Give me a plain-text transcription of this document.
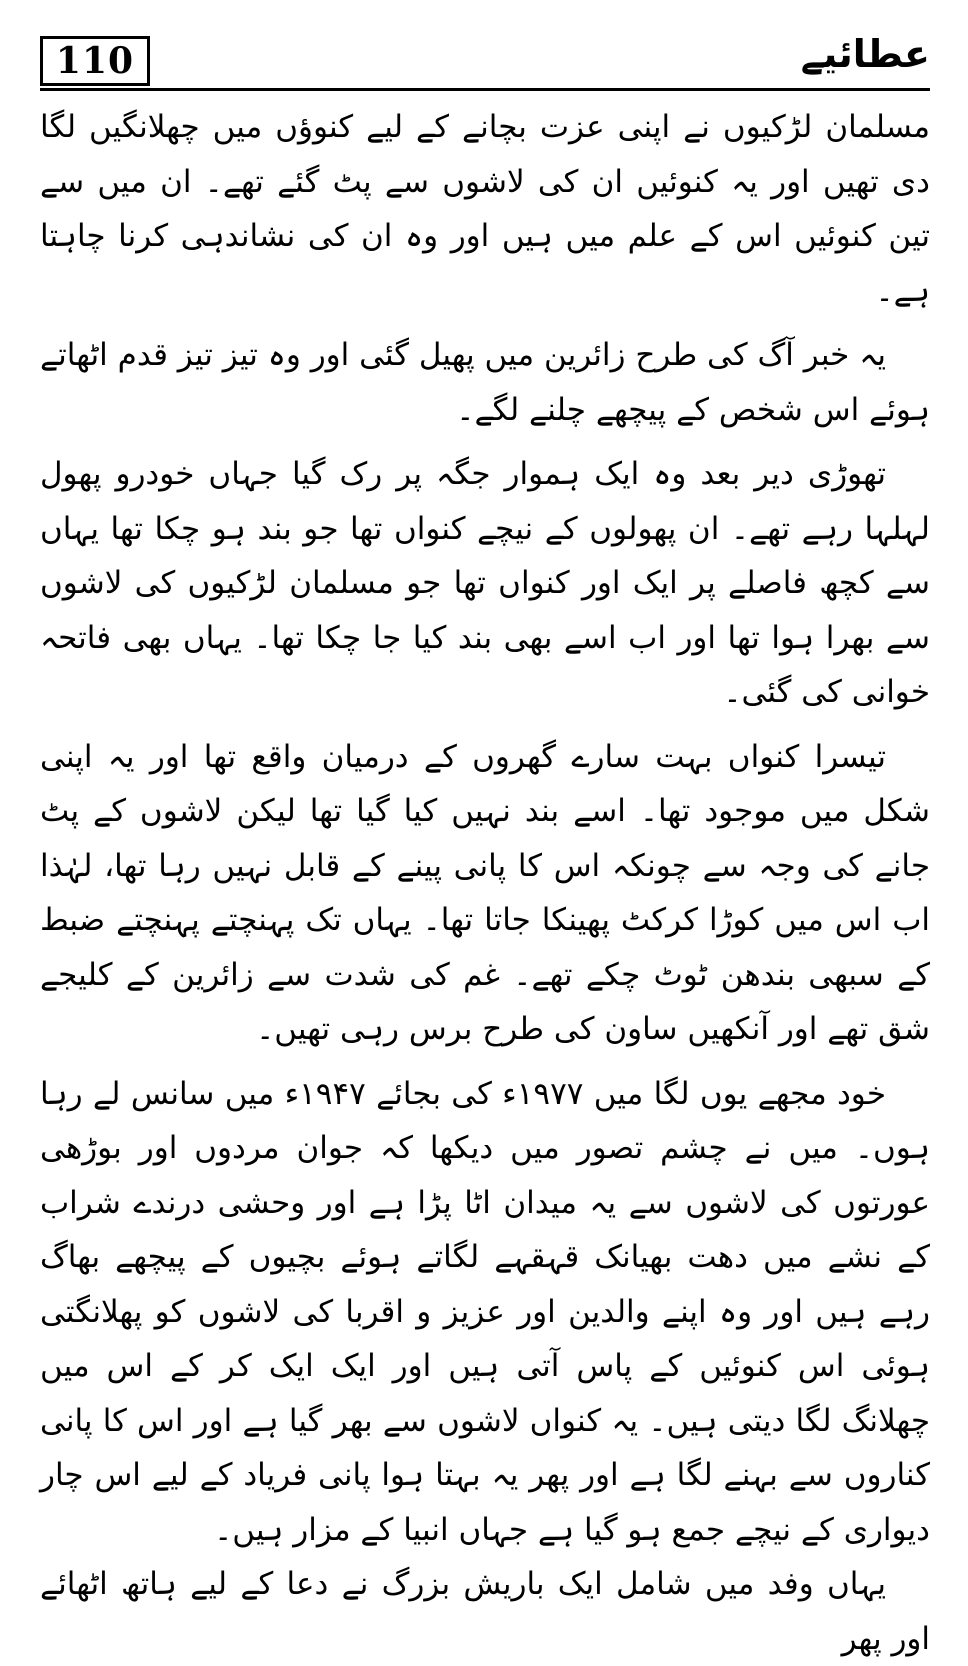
110	عطائیے

مسلمان لڑکیوں نے اپنی عزت بچانے کے لیے کنوؤں میں چھلانگیں لگا دی تھیں اور یہ کنوئیں ان کی لاشوں سے پٹ گئے تھے۔ ان میں سے تین کنوئیں اس کے علم میں ہیں اور وہ ان کی نشاندہی کرنا چاہتا ہے۔

یہ خبر آگ کی طرح زائرین میں پھیل گئی اور وہ تیز تیز قدم اٹھاتے ہوئے اس شخص کے پیچھے چلنے لگے۔

تھوڑی دیر بعد وہ ایک ہموار جگہ پر رک گیا جہاں خودرو پھول لہلہا رہے تھے۔ ان پھولوں کے نیچے کنواں تھا جو بند ہو چکا تھا یہاں سے کچھ فاصلے پر ایک اور کنواں تھا جو مسلمان لڑکیوں کی لاشوں سے بھرا ہوا تھا اور اب اسے بھی بند کیا جا چکا تھا۔ یہاں بھی فاتحہ خوانی کی گئی۔

تیسرا کنواں بہت سارے گھروں کے درمیان واقع تھا اور یہ اپنی شکل میں موجود تھا۔ اسے بند نہیں کیا گیا تھا لیکن لاشوں کے پٹ جانے کی وجہ سے چونکہ اس کا پانی پینے کے قابل نہیں رہا تھا، لہٰذا اب اس میں کوڑا کرکٹ پھینکا جاتا تھا۔ یہاں تک پہنچتے پہنچتے ضبط کے سبھی بندھن ٹوٹ چکے تھے۔ غم کی شدت سے زائرین کے کلیجے شق تھے اور آنکھیں ساون کی طرح برس رہی تھیں۔

خود مجھے یوں لگا میں ۱۹۷۷ء کی بجائے ۱۹۴۷ء میں سانس لے رہا ہوں۔ میں نے چشم تصور میں دیکھا کہ جوان مردوں اور بوڑھی عورتوں کی لاشوں سے یہ میدان اٹا پڑا ہے اور وحشی درندے شراب کے نشے میں دھت بھیانک قہقہے لگاتے ہوئے بچیوں کے پیچھے بھاگ رہے ہیں اور وہ اپنے والدین اور عزیز و اقربا کی لاشوں کو پھلانگتی ہوئی اس کنوئیں کے پاس آتی ہیں اور ایک ایک کر کے اس میں چھلانگ لگا دیتی ہیں۔ یہ کنواں لاشوں سے بھر گیا ہے اور اس کا پانی کناروں سے بہنے لگا ہے اور پھر یہ بہتا ہوا پانی فریاد کے لیے اس چار دیواری کے نیچے جمع ہو گیا ہے جہاں انبیا کے مزار ہیں۔

یہاں وفد میں شامل ایک باریش بزرگ نے دعا کے لیے ہاتھ اٹھائے اور پھر
